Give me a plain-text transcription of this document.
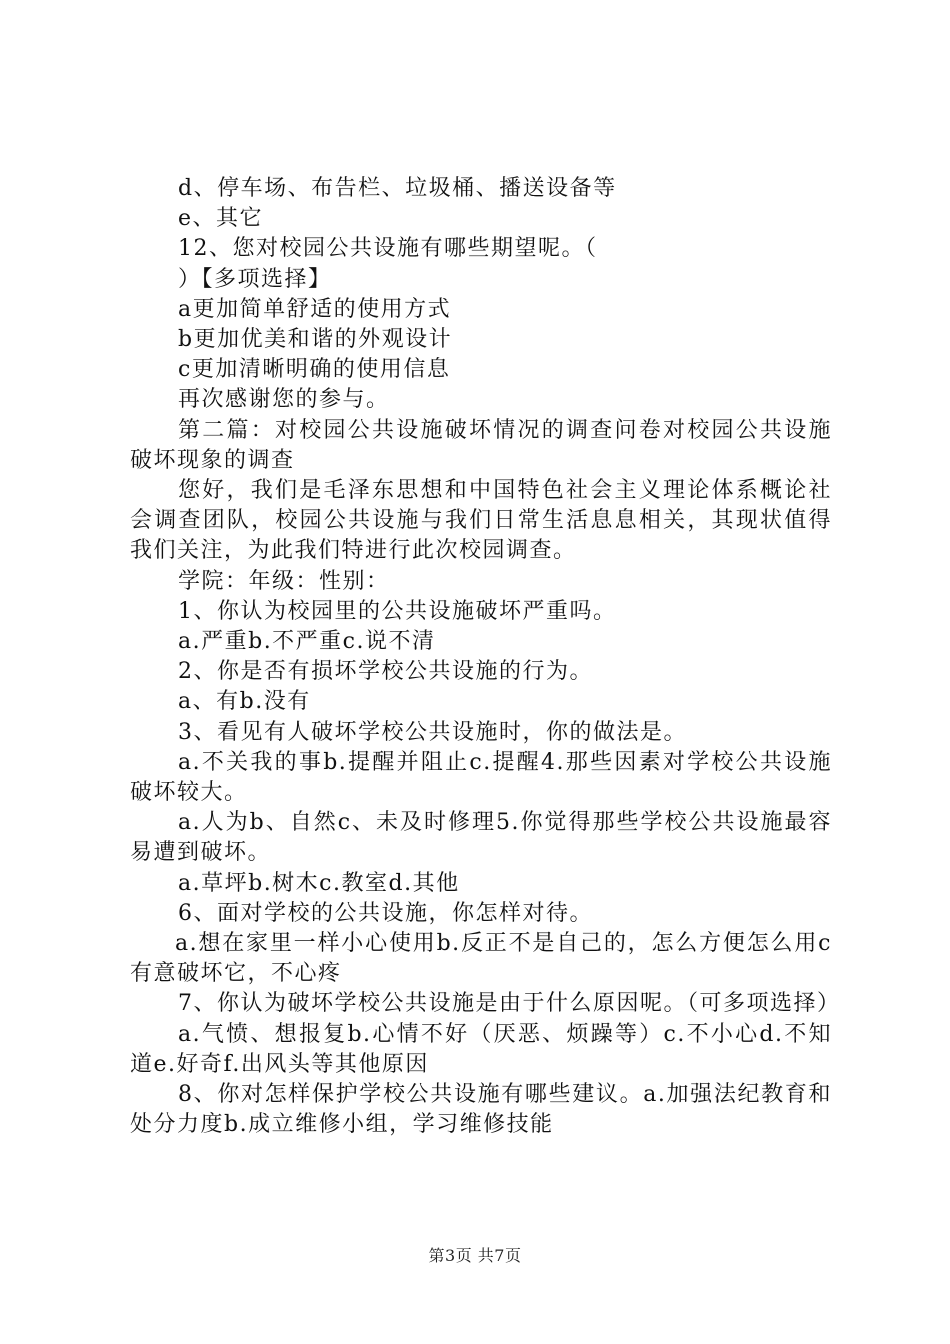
d、停车场、布告栏、垃圾桶、播送设备等

e、其它

12、您对校园公共设施有哪些期望呢。（

）【多项选择】

a更加简单舒适的使用方式

b更加优美和谐的外观设计

c更加清晰明确的使用信息

再次感谢您的参与。

第二篇：对校园公共设施破坏情况的调查问卷对校园公共设施破坏现象的调查

您好，我们是毛泽东思想和中国特色社会主义理论体系概论社会调查团队，校园公共设施与我们日常生活息息相关，其现状值得我们关注，为此我们特进行此次校园调查。

学院：年级：性别：

1、你认为校园里的公共设施破坏严重吗。

a.严重b.不严重c.说不清

2、你是否有损坏学校公共设施的行为。

a、有b.没有

3、看见有人破坏学校公共设施时，你的做法是。

a.不关我的事b.提醒并阻止c.提醒4.那些因素对学校公共设施破坏较大。

a.人为b、自然c、未及时修理5.你觉得那些学校公共设施最容易遭到破坏。

a.草坪b.树木c.教室d.其他

6、面对学校的公共设施，你怎样对待。

a.想在家里一样小心使用b.反正不是自己的，怎么方便怎么用c有意破坏它，不心疼

7、你认为破坏学校公共设施是由于什么原因呢。（可多项选择）

a.气愤、想报复b.心情不好（厌恶、烦躁等）c.不小心d.不知道e.好奇f.出风头等其他原因

8、你对怎样保护学校公共设施有哪些建议。a.加强法纪教育和处分力度b.成立维修小组，学习维修技能

第3页 共7页
